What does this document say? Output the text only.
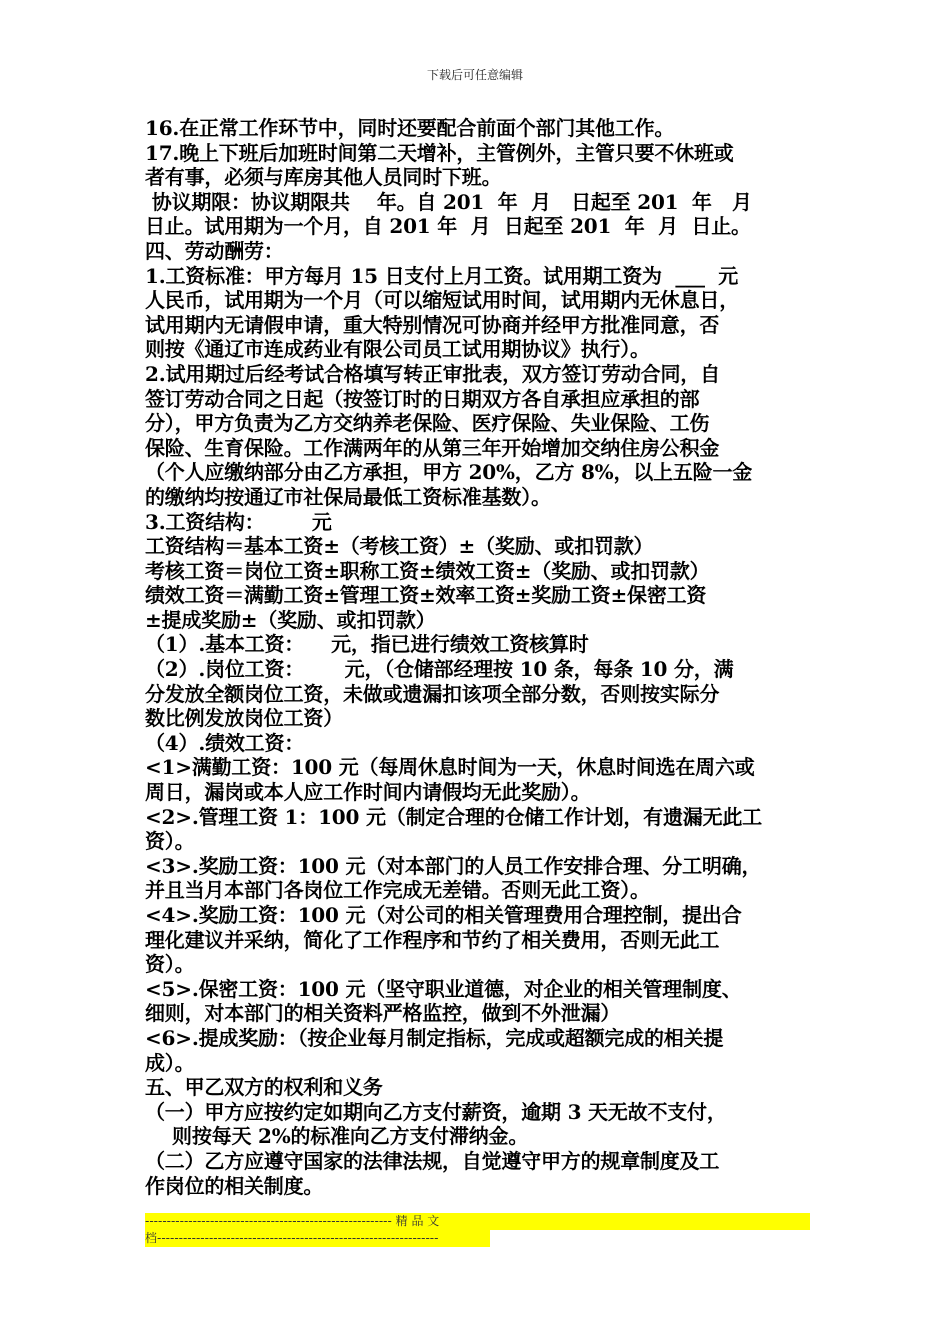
下载后可任意编辑
16.在正常工作环节中，同时还要配合前面个部门其他工作。
17.晚上下班后加班时间第二天增补，主管例外，主管只要不休班或
者有事，必须与库房其他人员同时下班。
协议期限：协议期限共    年。自 201  年  月   日起至 201  年   月
日止。试用期为一个月，自 201 年  月  日起至 201  年  月  日止。
四、劳动酬劳：
1.工资标准：甲方每月 15 日支付上月工资。试用期工资为  ___  元
人民币，试用期为一个月（可以缩短试用时间，试用期内无休息日，
试用期内无请假申请，重大特别情况可协商并经甲方批准同意，否
则按《通辽市连成药业有限公司员工试用期协议》执行）。
2.试用期过后经考试合格填写转正审批表，双方签订劳动合同，自
签订劳动合同之日起（按签订时的日期双方各自承担应承担的部
分），甲方负责为乙方交纳养老保险、医疗保险、失业保险、工伤
保险、生育保险。工作满两年的从第三年开始增加交纳住房公积金
（个人应缴纳部分由乙方承担，甲方 20%，乙方 8%，以上五险一金
的缴纳均按通辽市社保局最低工资标准基数）。
3.工资结构：       元
工资结构＝基本工资±（考核工资）±（奖励、或扣罚款）
考核工资＝岗位工资±职称工资±绩效工资±（奖励、或扣罚款）
绩效工资＝满勤工资±管理工资±效率工资±奖励工资±保密工资
±提成奖励±（奖励、或扣罚款）
（1）.基本工资：    元，指已进行绩效工资核算时
（2）.岗位工资：      元，（仓储部经理按 10 条，每条 10 分，满
分发放全额岗位工资，未做或遗漏扣该项全部分数，否则按实际分
数比例发放岗位工资）
（4）.绩效工资：
<1>满勤工资：100 元（每周休息时间为一天，休息时间选在周六或
周日，漏岗或本人应工作时间内请假均无此奖励）。
<2>.管理工资 1：100 元（制定合理的仓储工作计划，有遗漏无此工
资）。
<3>.奖励工资：100 元（对本部门的人员工作安排合理、分工明确，
并且当月本部门各岗位工作完成无差错。否则无此工资）。
<4>.奖励工资：100 元（对公司的相关管理费用合理控制，提出合
理化建议并采纳，简化了工作程序和节约了相关费用，否则无此工
资）。
<5>.保密工资：100 元（坚守职业道德，对企业的相关管理制度、
细则，对本部门的相关资料严格监控，做到不外泄漏）
<6>.提成奖励：（按企业每月制定指标，完成或超额完成的相关提
成）。
五、甲乙双方的权利和义务
（一）甲方应按约定如期向乙方支付薪资，逾期 3 天无故不支付，
则按每天 2%的标准向乙方支付滞纳金。
（二）乙方应遵守国家的法律法规，自觉遵守甲方的规章制度及工
作岗位的相关制度。
--------------------------------------------------------- 精 品 文
档-----------------------------------------------------------------
